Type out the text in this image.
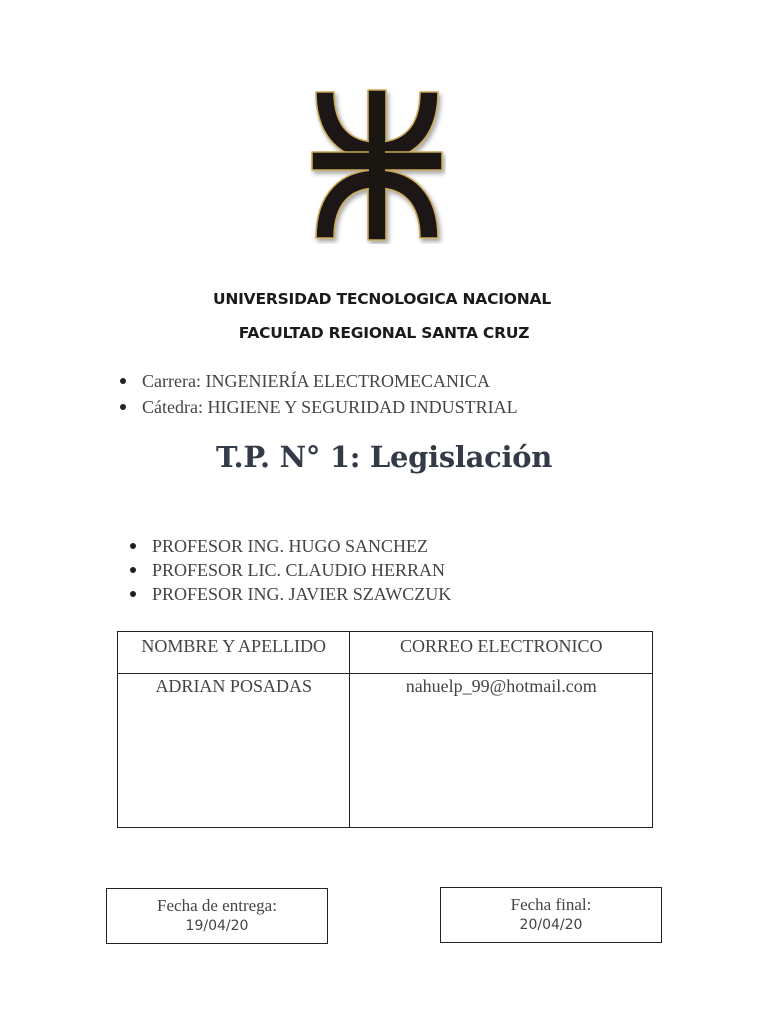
UNIVERSIDAD TECNOLOGICA NACIONAL
FACULTAD REGIONAL SANTA CRUZ
Carrera:
INGENIERÍA ELECTROMECANICA
Cátedra:
HIGIENE Y SEGURIDAD INDUSTRIAL
T.P. N° 1: Legislación
PROFESOR ING. HUGO SANCHEZ
PROFESOR LIC. CLAUDIO HERRAN
PROFESOR ING. JAVIER SZAWCZUK
NOMBRE Y APELLIDO	CORREO ELECTRONICO

ADRIAN POSADAS	nahuelp_99@hotmail.com
Fecha de entrega:
19/04/20
Fecha final:
20/04/20
